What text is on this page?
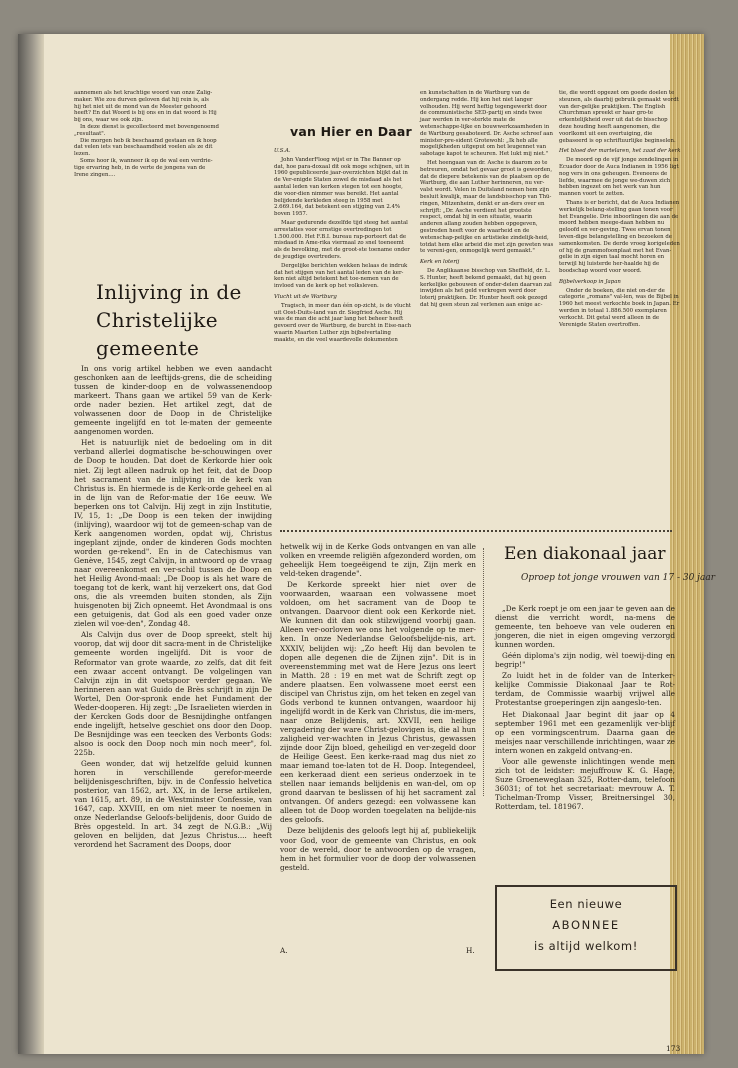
aannemen als het krachtige woord van onze Zalig-
maker. Wie zou durven geloven dat hij rein is, als
hij het niet uit de mond van de Meester gehoord
heeft? En dat Woord is bij ons en in dat woord is Hij
bij ons, waar we ook zijn.
In deze dienst is gecollecteerd met bovengenoemd
„resultaat".
Die morgen heb ik beschaamd gestaan en ik hoop
dat velen iets van beschaamdheid voelen als ze dit
lezen.
Soms hoor ik, wanneer ik op de wal een verdrie-
tige ervaring heb, in de verte de jongens van de
Irene zingen....
van Hier en Daar

U.S.A.

John VanderFloeg wijst er in The Banner op dat, hoe para-doxaal dit ook moge schijnen, uit in 1960 gepubliceerde jaar-overzichten blijkt dat in de Ver-enigde Staten zowel de misdaad als het aantal leden van kerken stegen tot een hoogte, die voor-dien nimmer was bereikt. Het aantal belijdende kerkleden steeg in 1958 met 2.669.164, dat betekent een stijging van 2.4% boven 1957.

Maar gedurende dezelfde tijd steeg het aantal arrestaties voor ernstige overtredingen tot 1.500.000. Het F.B.I. bureau rap-porteert dat de misdaad in Ame-rika viermaal zo snel toeneemt als de bevolking, met de groot-ste toename onder de jeugdige overtreders.

Dergelijke berichten wekken helaas de indruk dat het stijgen van het aantal leden van de ker-ken niet altijd betekent het toe-nemen van de invloed van de kerk op het volksleven.

Vlucht uit de Wartburg

Tragisch, in meer dan één op-zicht, is de vlucht uit Oost-Duits-land van dr. Siegfried Asche. Hij was de man die acht jaar lang het beheer heeft gevoerd over de Wartburg, de burcht in Eise-nach waarin Maarten Luther zijn bijbelvertaling maakte, en die veel waardevolle dokumenten

en kunstschatten in de Wartburg van de ondergang redde. Hij kon het niet langer volhouden. Hij werd heftig tegengewerkt door de communistische SED-partij en sinds twee jaar werden in ver-sterkte mate de wetenschappe-lijke en bouwwerkzaamheden in de Wartburg gesaboteerd. Dr. Asche schreef aan minister-pre-sident Grotewohl: „Ik heb alle mogelijkheden uitgeput om het leugennet van sabotage kapot te scheuren. Het lukt mij niet."

Het heengaan van dr. Asche is daarom zo te betreuren, omdat het gevaar groot is geworden, dat de diepere betekenis van de plaatsen op de Wartburg, die aan Luther herinneren, nu ver-valst wordt. Velen in Duitsland nemen hem zijn besluit kwalijk, maar de landsbisschop van Thü-ringen, Mitzenheim, denkt er an-ders over en schrijft: „Dr. Asche verdient het grootste respect, omdat hij in een situatie, waarin anderen allang zouden hebben opgegeven, gestreden heeft voor de waarheid en de wetenschap-pelijke en artistieke zindelijk-heid, totdat hem elke arbeid die met zijn geweten was te vereni-gen, onmogelijk werd gemaakt."

Kerk en loterij

De Anglikaanse bisschop van Sheffield, dr. L. S. Hunter, heeft bekend gemaakt, dat hij geen kerkelijke gebouwen of onder-delen daarvan zal inwijden als het geld verkregen werd door loterij praktijken. Dr. Hunter heeft ook gezegd dat hij geen steun zal verlenen aan enige ac-

tie, die wordt opgezet om goede doelen te steunen, als daarbij gebruik gemaakt wordt van der-gelijke praktijken. The English Churchman spreekt er haar gro-te erkentelijkheid over uit dat de bisschop deze houding heeft aangenomen, die voorlkomt uit een overtuiging, die gebaseerd is op schriftuurlijke beginselen.

Het bloed der martelaren, het zaad der kerk

De moord op de vijf jonge zendelingen in Ecuador door de Auca Indianen in 1956 ligt nog vers in ons geheugen. Eveneens de liefde, waarmee de jonge we-duwen zich hebben ingezet om het werk van hun mannen voort te zetten.

Thans is er bericht, dat de Auca Indianen werkelijk belang-stelling gaan tonen voor het Evangelie. Drie inboorlingen die aan de moord hebben meege-daan hebben nu geloofd en ver-geving. Twee ervan tonen leven-dige belangstelling en bezoeken de samenkomsten. De derde vroeg korigeleden of hij de grammofoonplaat met het Evan-gelie in zijn eigen taal mocht horen en terwijl hij luisterde her-haalde hij de boodschap woord voor woord.

Bijbelverkoop in Japan

Onder de boeken, die niet on-der de categorie „romans" val-len, was de Bijbel in 1960 het meest verkochte boek in Japan. Er werden in totaal 1.886.500 exemplaren verkocht. Dit getal werd alleen in de Verenigde Staten overtroffen.

Inlijving in de Christelijke gemeente

In ons vorig artikel hebben we even aandacht geschonken aan de leeftijds-grens, die de scheiding tussen de kinder-doop en de volwassenendoop markeert. Thans gaan we artikel 59 van de Kerk-orde nader bezien. Het artikel zegt, dat de volwassenen door de Doop in de Christelijke gemeente ingelijfd en tot le-maten der gemeente aangenomen worden.

Het is natuurlijk niet de bedoeling om in dit verband allerlei dogmatische be-schouwingen over de Doop te houden. Dat doet de Kerkorde hier ook niet. Zij legt alleen nadruk op het feit, dat de Doop het sacrament van de inlijving in de kerk van Christus is. En hiermede is de Kerk-orde geheel en al in de lijn van de Refor-matie der 16e eeuw. We beperken ons tot Calvijn. Hij zegt in zijn Institutie, IV, 15, 1: „De Doop is een teken der inwijding (inlijving), waardoor wij tot de gemeen-schap van de Kerk aangenomen worden, opdat wij, Christus ingeplant zijnde, onder de kinderen Gods mochten worden ge-rekend". En in de Catechismus van Genève, 1545, zegt Calvijn, in antwoord op de vraag naar overeenkomst en ver-schil tussen de Doop en het Heilig Avond-maal: „De Doop is als het ware de toegang tot de kerk, want hij verzekert ons, dat God ons, die als vreemden buiten stonden, als Zijn huisgenoten bij Zich opneemt. Het Avondmaal is ons een getuigenis, dat God als een goed vader onze zielen wil voe-den", Zondag 48.

Als Calvijn dus over de Doop spreekt, stelt hij voorop, dat wij door dit sacra-ment in de Christelijke gemeente worden ingelijfd. Dit is voor de Reformator van grote waarde, zo zelfs, dat dit feit een zwaar accent ontvangt. De volgelingen van Calvijn zijn in dit voetspoor verder gegaan. We herinneren aan wat Guido de Brès schrijft in zijn De Wortel, Den Oor-spronk ende het Fundament der Weder-dooperen. Hij zegt: „De Israelieten wierden in der Kercken Gods door de Besnijdinghe ontfangen ende ingelijft, hetselve geschiet ons door den Doop. De Besnijdinge was een teecken des Verbonts Gods: alsoo is oock den Doop noch min noch meer", fol. 225b.

Geen wonder, dat wij hetzelfde geluid kunnen horen in verschillende gerefor-meerde belijdenisgeschriften, bijv. in de Confessio helvetica posterior, van 1562, art. XX, in de Ierse artikelen, van 1615, art. 89, in de Westminster Confessie, van 1647, cap. XXVIII, en om niet meer te noemen in onze Nederlandse Geloofs-belijdenis, door Guido de Brès opgesteld. In art. 34 zegt de N.G.B.: „Wij geloven en belijden, dat Jezus Christus.... heeft verordend het Sacrament des Doops, door

hetwelk wij in de Kerke Gods ontvangen en van alle volken en vreemde religiën afgezonderd worden, om geheelijk Hem toegeëigend te zijn, Zijn merk en veld-teken dragende".

De Kerkorde spreekt hier niet over de voorwaarden, waaraan een volwassene moet voldoen, om het sacrament van de Doop te ontvangen. Daarvoor dient ook een Kerkorde niet. We kunnen dit dan ook stilzwijgend voorbij gaan. Alleen ver-oorloven we ons het volgende op te mer-ken. In onze Nederlandse Geloofsbelijde-nis, art. XXXIV, belijden wij: „Zo heeft Hij dan bevolen te dopen alle degenen die de Zijnen zijn". Dit is in overeenstemming met wat de Here Jezus ons leert in Matth. 28 : 19 en met wat de Schrift zegt op andere plaatsen. Een volwassene moet eerst een discipel van Christus zijn, om het teken en zegel van Gods verbond te kunnen ontvangen, waardoor hij ingelijfd wordt in de Kerk van Christus, die im-mers, naar onze Belijdenis, art. XXVII, een heilige vergadering der ware Christ-gelovigen is, die al hun zaligheid ver-wachten in Jezus Christus, gewassen zijnde door Zijn bloed, geheiligd en ver-zegeld door de Heilige Geest. Een kerke-raad mag dus niet zo maar iemand toe-laten tot de H. Doop. Integendeel, een kerkeraad dient een serieus onderzoek in te stellen naar iemands belijdenis en wan-del, om op grond daarvan te beslissen of hij het sacrament zal ontvangen. Of anders gezegd: een volwassene kan alleen tot de Doop worden toegelaten na belijde-nis des geloofs.

Deze belijdenis des geloofs legt hij af, publiekelijk voor God, voor de gemeente van Christus, en ook voor de wereld, door te antwoorden op de vragen, hem in het formulier voor de doop der volwassenen gesteld.

A.	H.
Een diakonaal jaar
Oproep tot jonge vrouwen van 17 - 30 jaar

„De Kerk roept je om een jaar te geven aan de dienst die verricht wordt, na-mens de gemeente, ten behoeve van vele ouderen en jongeren, die niet in eigen omgeving verzorgd kunnen worden.

Géén diploma's zijn nodig, wèl toewij-ding en begrip!"

Zo luidt het in de folder van de Interker-kelijke Commissie Diakonaal Jaar te Rot-terdam, de Commissie waarbij vrijwel alle Protestantse groeperingen zijn aangeslo-ten.

Het Diakonaal Jaar begint dit jaar op 4 september 1961 met een gezamenlijk ver-blijf op een vormingscentrum. Daarna gaan de meisjes naar verschillende inrichtingen, waar ze intern wonen en zakgeld ontvang-en.

Voor alle gewenste inlichtingen wende men zich tot de leidster: mejuffrouw K. G. Hage, Suze Groeneweglaan 325, Rotter-dam, telefoon 36031; of tot het secretariaat: mevrouw A. T. Tichelman-Tromp Visser, Breitnersingel 30, Rotterdam, tel. 181967.

Een nieuwe
ABONNEE
is altijd welkom!
173
